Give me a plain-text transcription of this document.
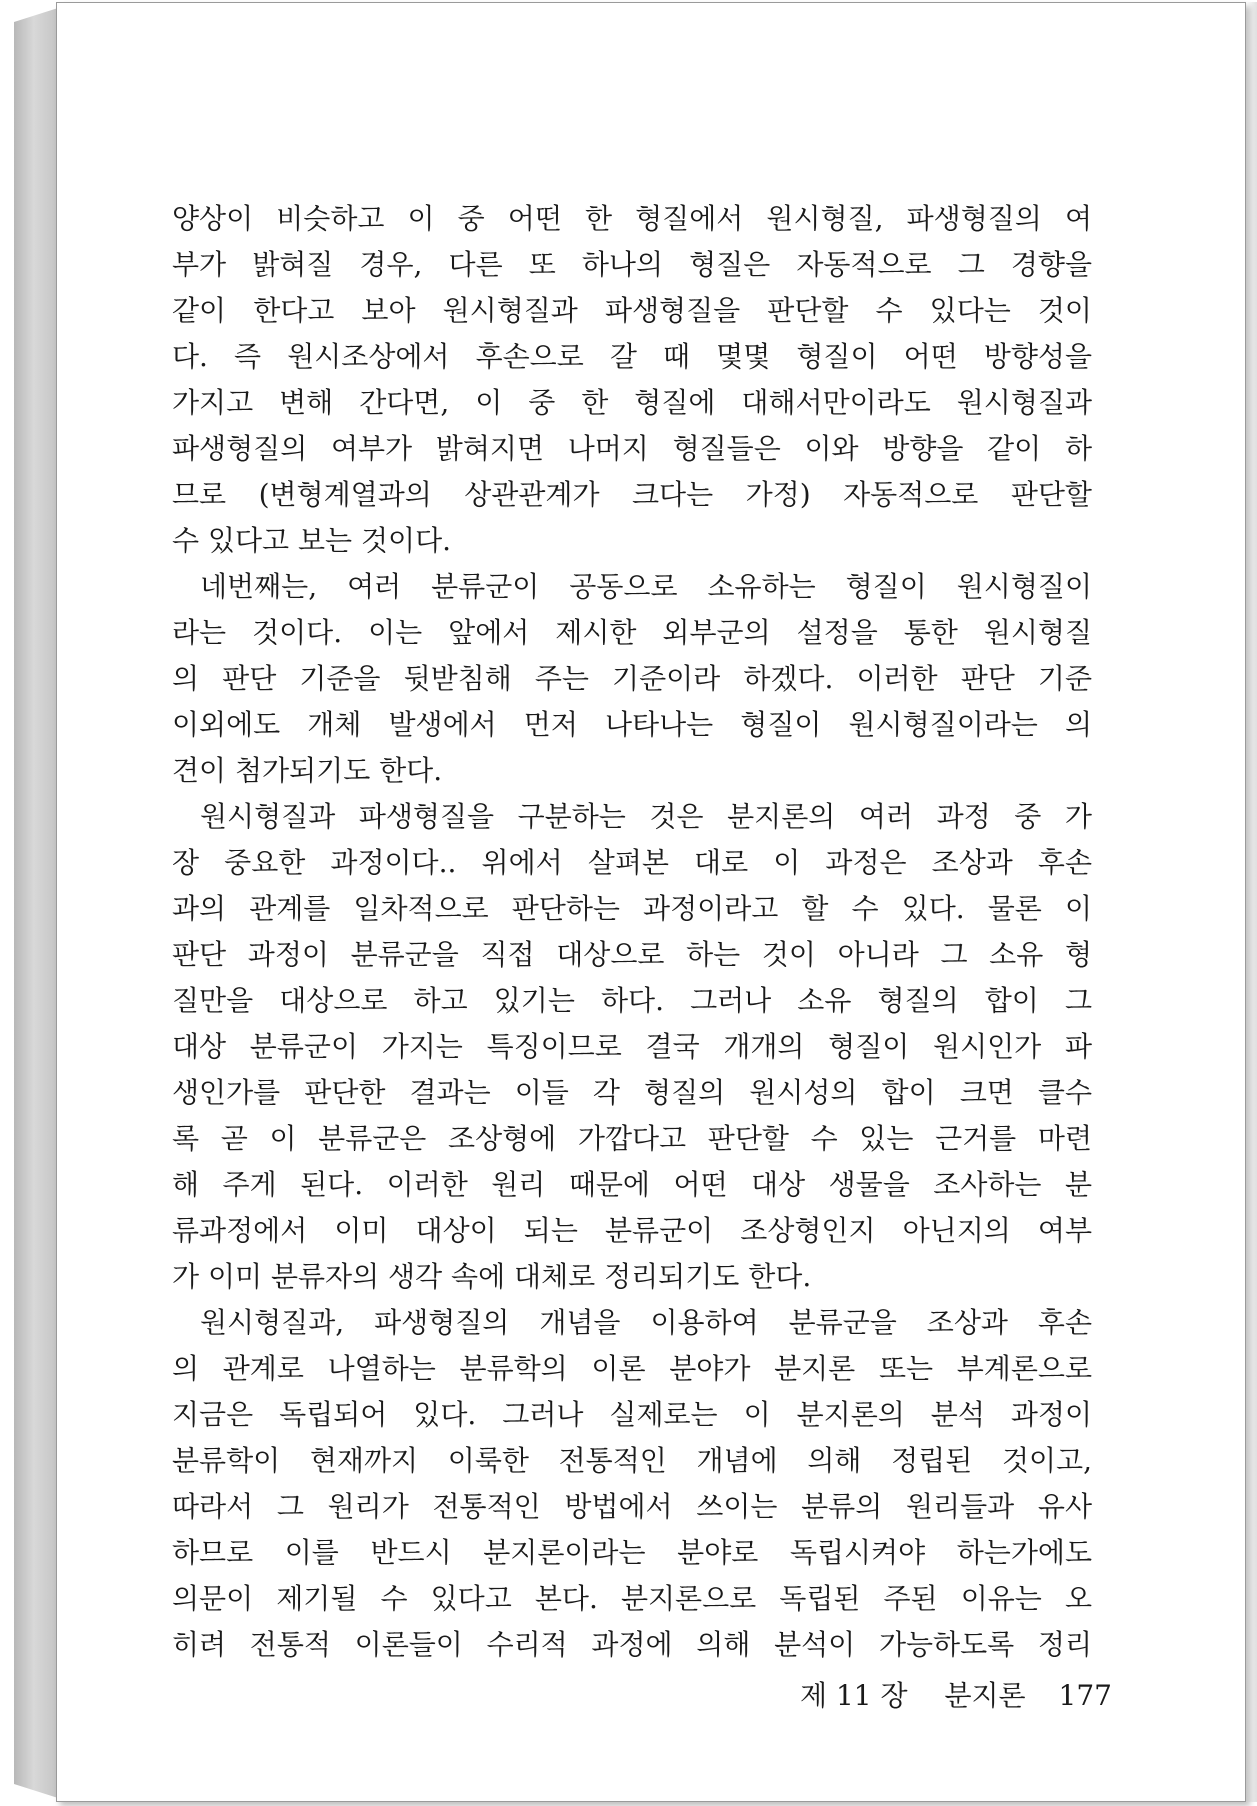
양상이 비슷하고 이 중 어떤 한 형질에서 원시형질, 파생형질의 여
부가 밝혀질 경우, 다른 또 하나의 형질은 자동적으로 그 경향을
같이 한다고 보아 원시형질과 파생형질을 판단할 수 있다는 것이
다. 즉 원시조상에서 후손으로 갈 때 몇몇 형질이 어떤 방향성을
가지고 변해 간다면, 이 중 한 형질에 대해서만이라도 원시형질과
파생형질의 여부가 밝혀지면 나머지 형질들은 이와 방향을 같이 하
므로 (변형계열과의 상관관계가 크다는 가정) 자동적으로 판단할
수 있다고 보는 것이다.
네번째는, 여러 분류군이 공동으로 소유하는 형질이 원시형질이
라는 것이다. 이는 앞에서 제시한 외부군의 설정을 통한 원시형질
의 판단 기준을 뒷받침해 주는 기준이라 하겠다. 이러한 판단 기준
이외에도 개체 발생에서 먼저 나타나는 형질이 원시형질이라는 의
견이 첨가되기도 한다.
원시형질과 파생형질을 구분하는 것은 분지론의 여러 과정 중 가
장 중요한 과정이다.. 위에서 살펴본 대로 이 과정은 조상과 후손
과의 관계를 일차적으로 판단하는 과정이라고 할 수 있다. 물론 이
판단 과정이 분류군을 직접 대상으로 하는 것이 아니라 그 소유 형
질만을 대상으로 하고 있기는 하다. 그러나 소유 형질의 합이 그
대상 분류군이 가지는 특징이므로 결국 개개의 형질이 원시인가 파
생인가를 판단한 결과는 이들 각 형질의 원시성의 합이 크면 클수
록 곧 이 분류군은 조상형에 가깝다고 판단할 수 있는 근거를 마련
해 주게 된다. 이러한 원리 때문에 어떤 대상 생물을 조사하는 분
류과정에서 이미 대상이 되는 분류군이 조상형인지 아닌지의 여부
가 이미 분류자의 생각 속에 대체로 정리되기도 한다.
원시형질과, 파생형질의 개념을 이용하여 분류군을 조상과 후손
의 관계로 나열하는 분류학의 이론 분야가 분지론 또는 부계론으로
지금은 독립되어 있다. 그러나 실제로는 이 분지론의 분석 과정이
분류학이 현재까지 이룩한 전통적인 개념에 의해 정립된 것이고,
따라서 그 원리가 전통적인 방법에서 쓰이는 분류의 원리들과 유사
하므로 이를 반드시 분지론이라는 분야로 독립시켜야 하는가에도
의문이 제기될 수 있다고 본다. 분지론으로 독립된 주된 이유는 오
히려 전통적 이론들이 수리적 과정에 의해 분석이 가능하도록 정리
제 11 장 분지론 177
